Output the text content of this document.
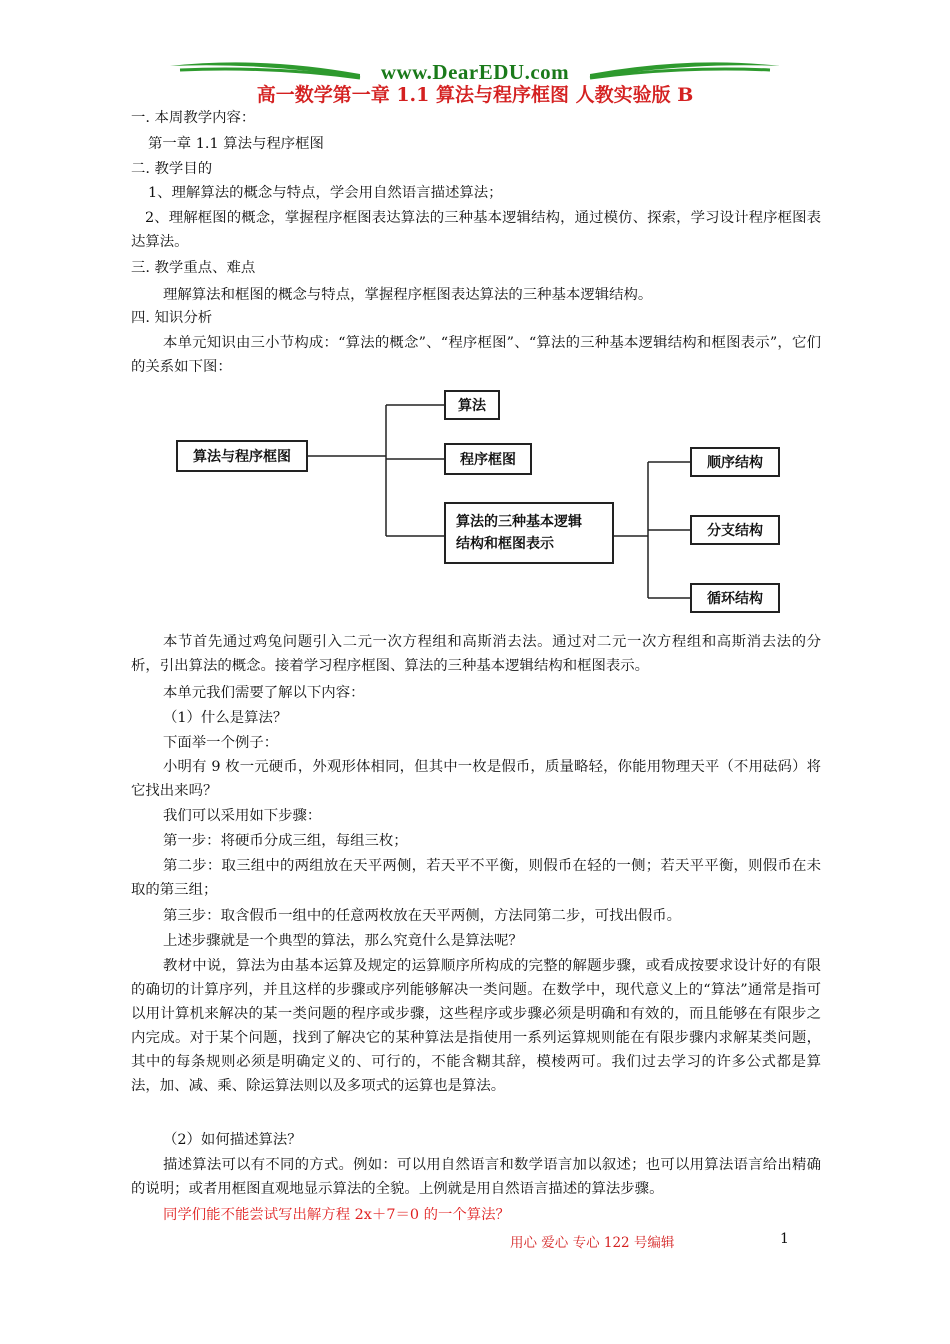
www.DearEDU.com
高一数学第一章 1.1 算法与程序框图 人教实验版 B
一. 本周教学内容：
第一章 1.1 算法与程序框图
二. 教学目的
1、理解算法的概念与特点，学会用自然语言描述算法；
2、理解框图的概念，掌握程序框图表达算法的三种基本逻辑结构，通过模仿、探索，学习设计程序框图表达算法。
三. 教学重点、难点
理解算法和框图的概念与特点，掌握程序框图表达算法的三种基本逻辑结构。
四. 知识分析
本单元知识由三小节构成：“算法的概念”、“程序框图”、“算法的三种基本逻辑结构和框图表示”，它们的关系如下图：
算法与程序框图
算法
程序框图
算法的三种基本逻辑
结构和框图表示
顺序结构
分支结构
循环结构
本节首先通过鸡兔问题引入二元一次方程组和高斯消去法。通过对二元一次方程组和高斯消去法的分析，引出算法的概念。接着学习程序框图、算法的三种基本逻辑结构和框图表示。
本单元我们需要了解以下内容：
（1）什么是算法？
下面举一个例子：
小明有 9 枚一元硬币，外观形体相同，但其中一枚是假币，质量略轻，你能用物理天平（不用砝码）将它找出来吗？
我们可以采用如下步骤：
第一步：将硬币分成三组，每组三枚；
第二步：取三组中的两组放在天平两侧，若天平不平衡，则假币在轻的一侧；若天平平衡，则假币在未取的第三组；
第三步：取含假币一组中的任意两枚放在天平两侧，方法同第二步，可找出假币。
上述步骤就是一个典型的算法，那么究竟什么是算法呢？
教材中说，算法为由基本运算及规定的运算顺序所构成的完整的解题步骤，或看成按要求设计好的有限的确切的计算序列，并且这样的步骤或序列能够解决一类问题。在数学中，现代意义上的“算法”通常是指可以用计算机来解决的某一类问题的程序或步骤，这些程序或步骤必须是明确和有效的，而且能够在有限步之内完成。对于某个问题，找到了解决它的某种算法是指使用一系列运算规则能在有限步骤内求解某类问题，其中的每条规则必须是明确定义的、可行的，不能含糊其辞，模棱两可。我们过去学习的许多公式都是算法，加、减、乘、除运算法则以及多项式的运算也是算法。
（2）如何描述算法？
描述算法可以有不同的方式。例如：可以用自然语言和数学语言加以叙述；也可以用算法语言给出精确的说明；或者用框图直观地显示算法的全貌。上例就是用自然语言描述的算法步骤。
同学们能不能尝试写出解方程 2x＋7＝0 的一个算法？
用心 爱心 专心 122 号编辑	1
